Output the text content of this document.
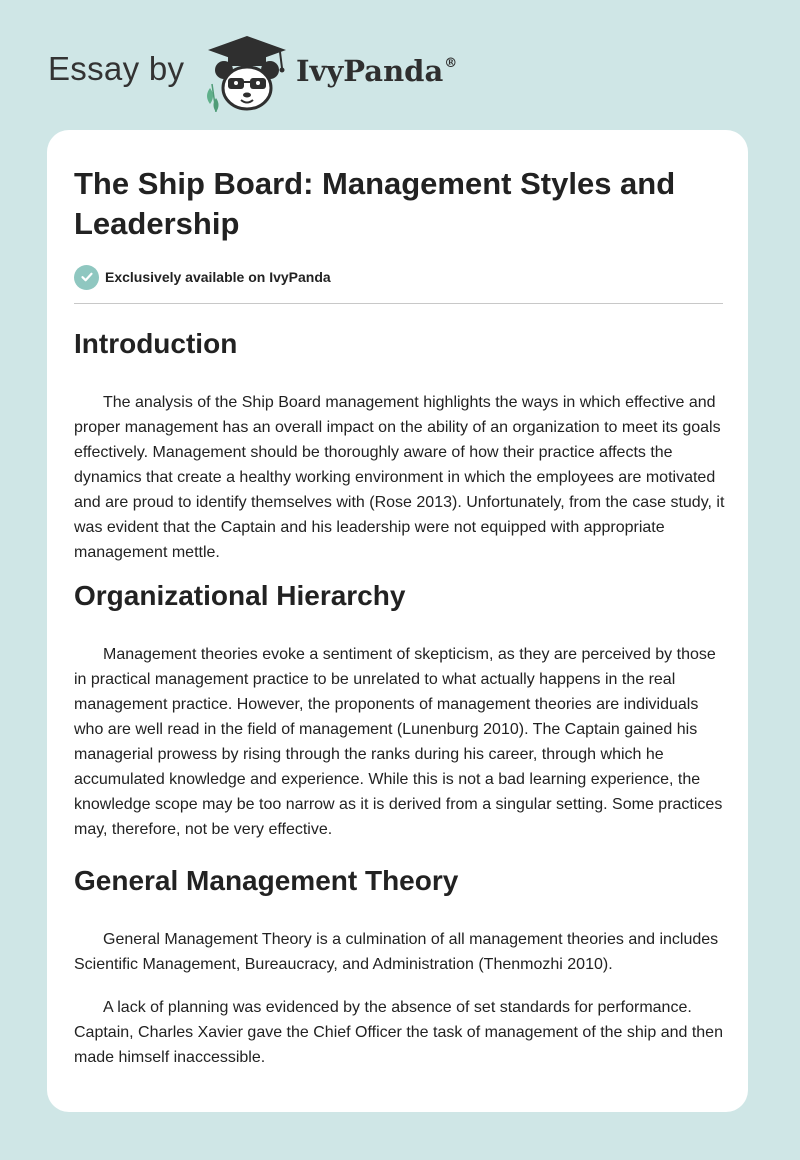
Essay by	IvyPanda®
The Ship Board: Management Styles and Leadership
Exclusively available on IvyPanda
Introduction

The analysis of the Ship Board management highlights the ways in which effective and proper management has an overall impact on the ability of an organization to meet its goals effectively. Management should be thoroughly aware of how their practice affects the dynamics that create a healthy working environment in which the employees are motivated and are proud to identify themselves with (Rose 2013). Unfortunately, from the case study, it was evident that the Captain and his leadership were not equipped with appropriate management mettle.

Organizational Hierarchy

Management theories evoke a sentiment of skepticism, as they are perceived by those in practical management practice to be unrelated to what actually happens in the real management practice. However, the proponents of management theories are individuals who are well read in the field of management (Lunenburg 2010). The Captain gained his managerial prowess by rising through the ranks during his career, through which he accumulated knowledge and experience. While this is not a bad learning experience, the knowledge scope may be too narrow as it is derived from a singular setting. Some practices may, therefore, not be very effective.

General Management Theory

General Management Theory is a culmination of all management theories and includes Scientific Management, Bureaucracy, and Administration (Thenmozhi 2010).

A lack of planning was evidenced by the absence of set standards for performance. Captain, Charles Xavier gave the Chief Officer the task of management of the ship and then made himself inaccessible.
